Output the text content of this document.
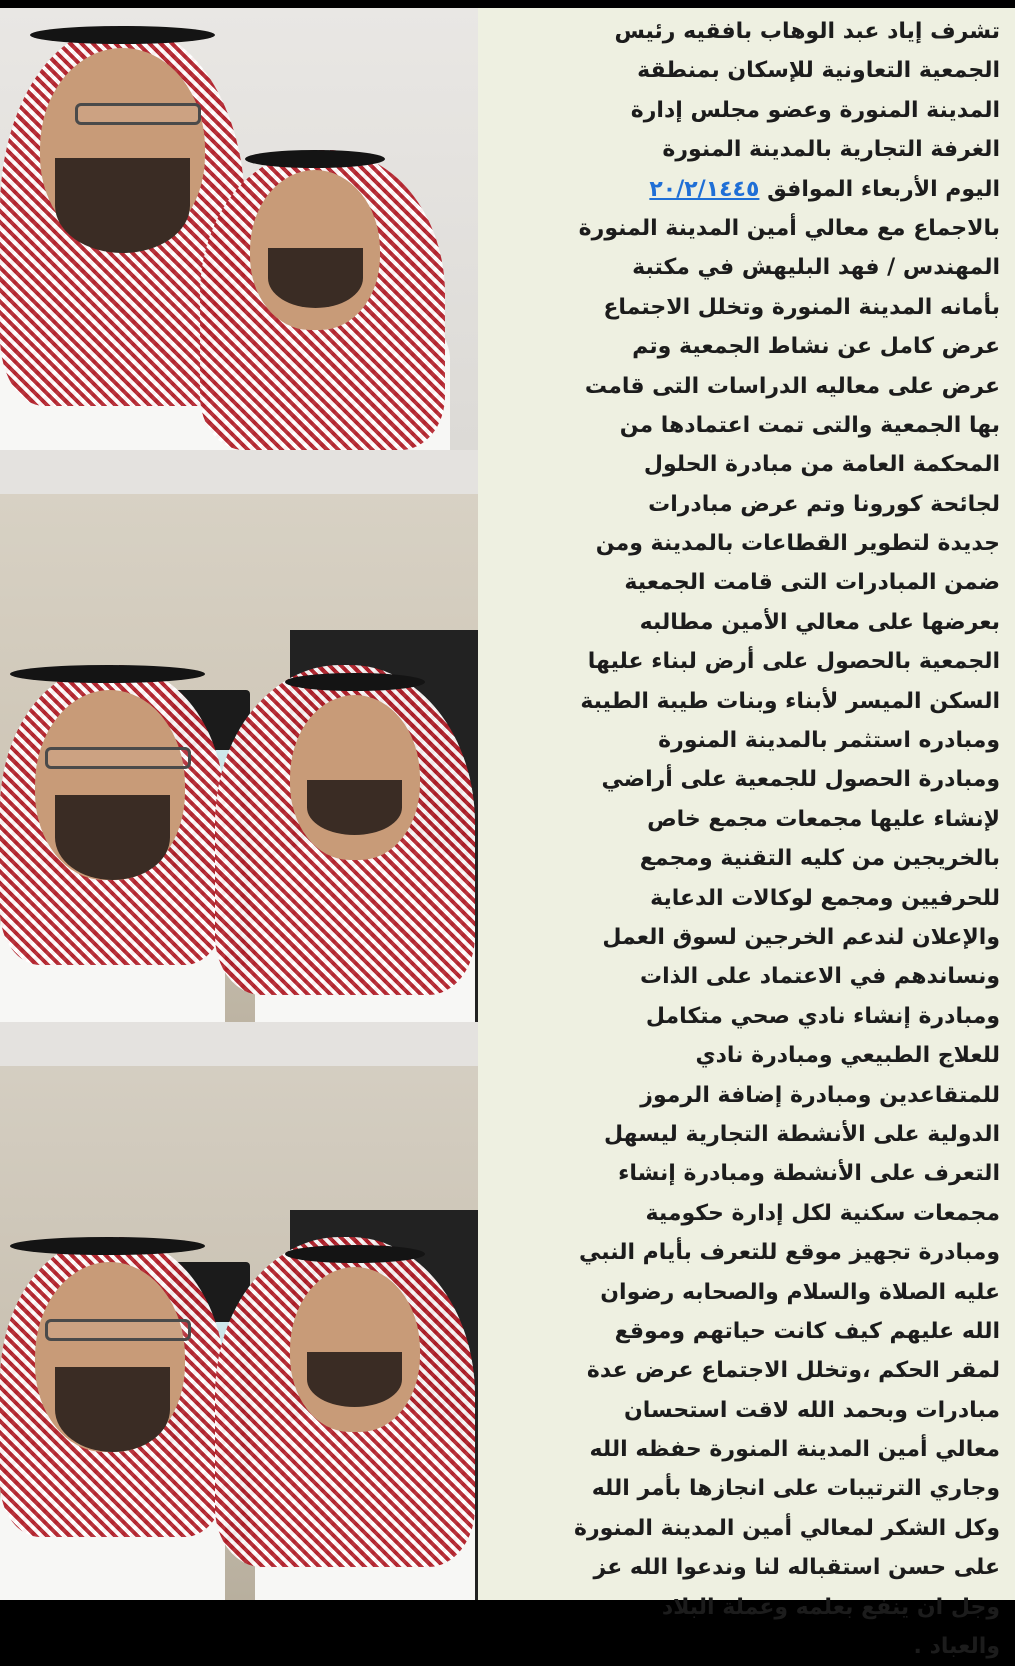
تشرف إياد عبد الوهاب بافقيه رئيس
الجمعية التعاونية للإسكان بمنطقة
المدينة المنورة وعضو مجلس إدارة
الغرفة التجارية بالمدينة المنورة
اليوم الأربعاء الموافق ٢٠/٢/١٤٤٥
بالاجماع مع معالي أمين المدينة المنورة
المهندس / فهد البليهش في مكتبة
بأمانه المدينة المنورة وتخلل الاجتماع
عرض كامل عن نشاط الجمعية وتم
عرض على معاليه الدراسات التى قامت
بها الجمعية والتى تمت اعتمادها من
المحكمة العامة من مبادرة الحلول
لجائحة كورونا وتم عرض مبادرات
جديدة لتطوير القطاعات بالمدينة ومن
ضمن المبادرات التى قامت الجمعية
بعرضها على معالي الأمين مطالبه
الجمعية بالحصول على أرض لبناء عليها
السكن الميسر لأبناء وبنات طيبة الطيبة
ومبادره استثمر بالمدينة المنورة
ومبادرة الحصول للجمعية على أراضي
لإنشاء عليها مجمعات مجمع خاص
بالخريجين من كليه التقنية ومجمع
للحرفيين ومجمع لوكالات الدعاية
والإعلان لندعم الخرجين لسوق العمل
ونساندهم في الاعتماد على الذات
ومبادرة إنشاء نادي صحي متكامل
للعلاج الطبيعي ومبادرة نادي
للمتقاعدين ومبادرة إضافة الرموز
الدولية على الأنشطة التجارية ليسهل
التعرف على الأنشطة ومبادرة إنشاء
مجمعات سكنية لكل إدارة حكومية
ومبادرة تجهيز موقع للتعرف بأيام النبي
عليه الصلاة والسلام والصحابه رضوان
الله عليهم كيف كانت حياتهم وموقع
لمقر الحكم ،وتخلل الاجتماع عرض عدة
مبادرات وبحمد الله لاقت استحسان
معالي أمين المدينة المنورة حفظه الله
وجاري الترتيبات على انجازها بأمر الله
وكل الشكر لمعالي أمين المدينة المنورة
على حسن استقباله لنا وندعوا الله عز
وجل ان ينفع بعلمه وعملة البلاد
والعباد .
